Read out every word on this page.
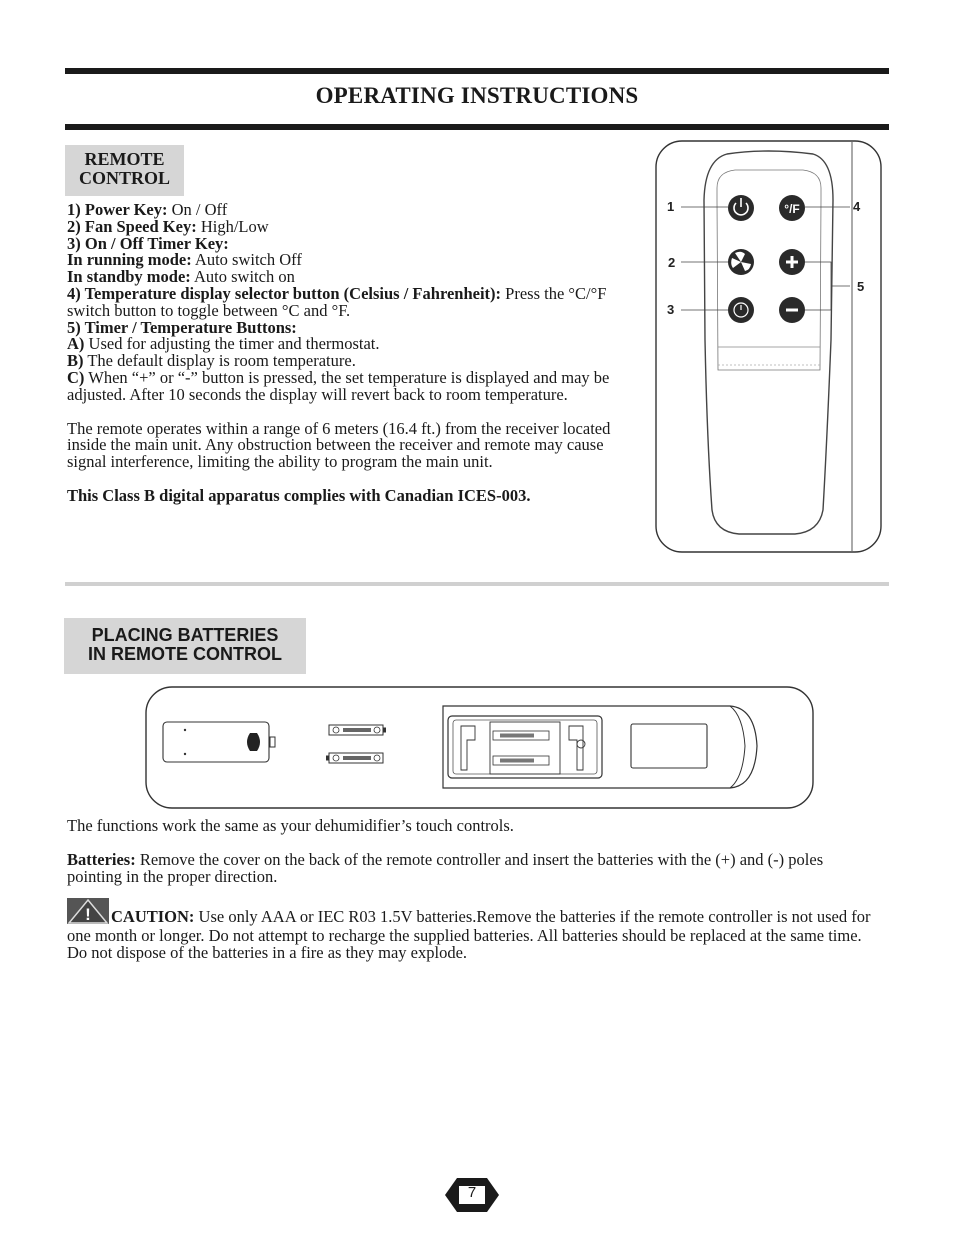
OPERATING INSTRUCTIONS
REMOTE
CONTROL

1) Power Key: On / Off

2) Fan Speed Key: High/Low

3) On / Off Timer Key:

In running mode: Auto switch Off

In standby mode: Auto switch on

4) Temperature display selector button (Celsius / Fahrenheit): Press the °C/°F switch button to toggle between °C and °F.

5) Timer / Temperature Buttons:

A) Used for adjusting the timer and thermostat.

B) The default display is room temperature.

C) When “+” or “-” button is pressed, the set temperature is displayed and may be adjusted. After 10 seconds the display will revert back to room temperature.

The remote operates within a range of 6 meters (16.4 ft.) from the receiver located inside the main unit. Any obstruction between the receiver and remote may cause signal interference, limiting the ability to program the main unit.

This Class B digital apparatus complies with Canadian ICES-003.

°/F
1
2
3
4
5
PLACING BATTERIES
IN REMOTE CONTROL

The functions work the same as your dehumidifier’s touch controls.

Batteries: Remove the cover on the back of the remote controller and insert the batteries with the (+) and (-) poles pointing in the proper direction.

! CAUTION: Use only AAA or IEC R03 1.5V batteries.Remove the batteries if the remote controller is not used for one month or longer. Do not attempt to recharge the supplied batteries. All batteries should be replaced at the same time. Do not dispose of the batteries in a fire as they may explode.

7
